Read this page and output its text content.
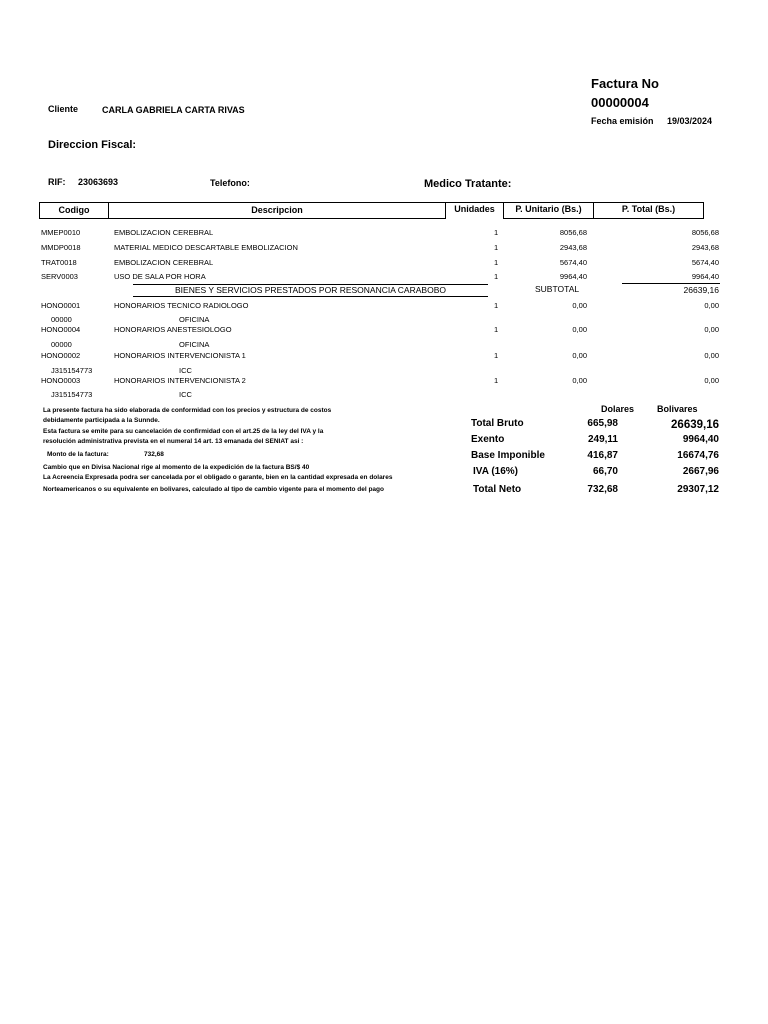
Factura No
00000004
Fecha emisión 19/03/2024
Cliente	CARLA GABRIELA CARTA RIVAS
Direccion Fiscal:
RIF: 23063693	Telefono:	Medico Tratante:
Codigo	Descripcion	Unidades	P. Unitario (Bs.)	P. Total (Bs.)
MMEP0010	EMBOLIZACION CEREBRAL	1	8056,68	8056,68
MMDP0018	MATERIAL MEDICO DESCARTABLE EMBOLIZACION	1	2943,68	2943,68
TRAT0018	EMBOLIZACION CEREBRAL	1	5674,40	5674,40
SERV0003	USO DE SALA POR HORA	1	9964,40	9964,40
BIENES Y SERVICIOS PRESTADOS POR RESONANCIA CARABOBO	SUBTOTAL	26639,16
HONO0001	HONORARIOS TECNICO RADIOLOGO	1	0,00	0,00
00000	OFICINA
HONO0004	HONORARIOS ANESTESIOLOGO	1	0,00	0,00
00000	OFICINA
HONO0002	HONORARIOS INTERVENCIONISTA 1	1	0,00	0,00
J315154773	ICC
HONO0003	HONORARIOS INTERVENCIONISTA 2	1	0,00	0,00
J315154773	ICC
La presente factura ha sido elaborada de conformidad con los precios y estructura de costos
debidamente participada a la Sunnde.
Esta factura se emite para su cancelación de confirmidad con el art.25 de la ley del IVA y la
resolución administrativa prevista en el numeral 14 art. 13 emanada del SENIAT asi :
Monto de la factura:	732,68
Cambio que en Divisa Nacional rige al momento de la expedición de la factura BS/$ 40
La Acreencia Expresada podra ser cancelada por el obligado o garante, bien en la cantidad expresada en dolares
Norteamericanos o su equivalente en bolivares, calculado al tipo de cambio vigente para el momento del pago
Dolares	Bolivares
Total Bruto	665,98	26639,16
Exento	249,11	9964,40
Base Imponible	416,87	16674,76
IVA (16%)	66,70	2667,96
Total Neto	732,68	29307,12
